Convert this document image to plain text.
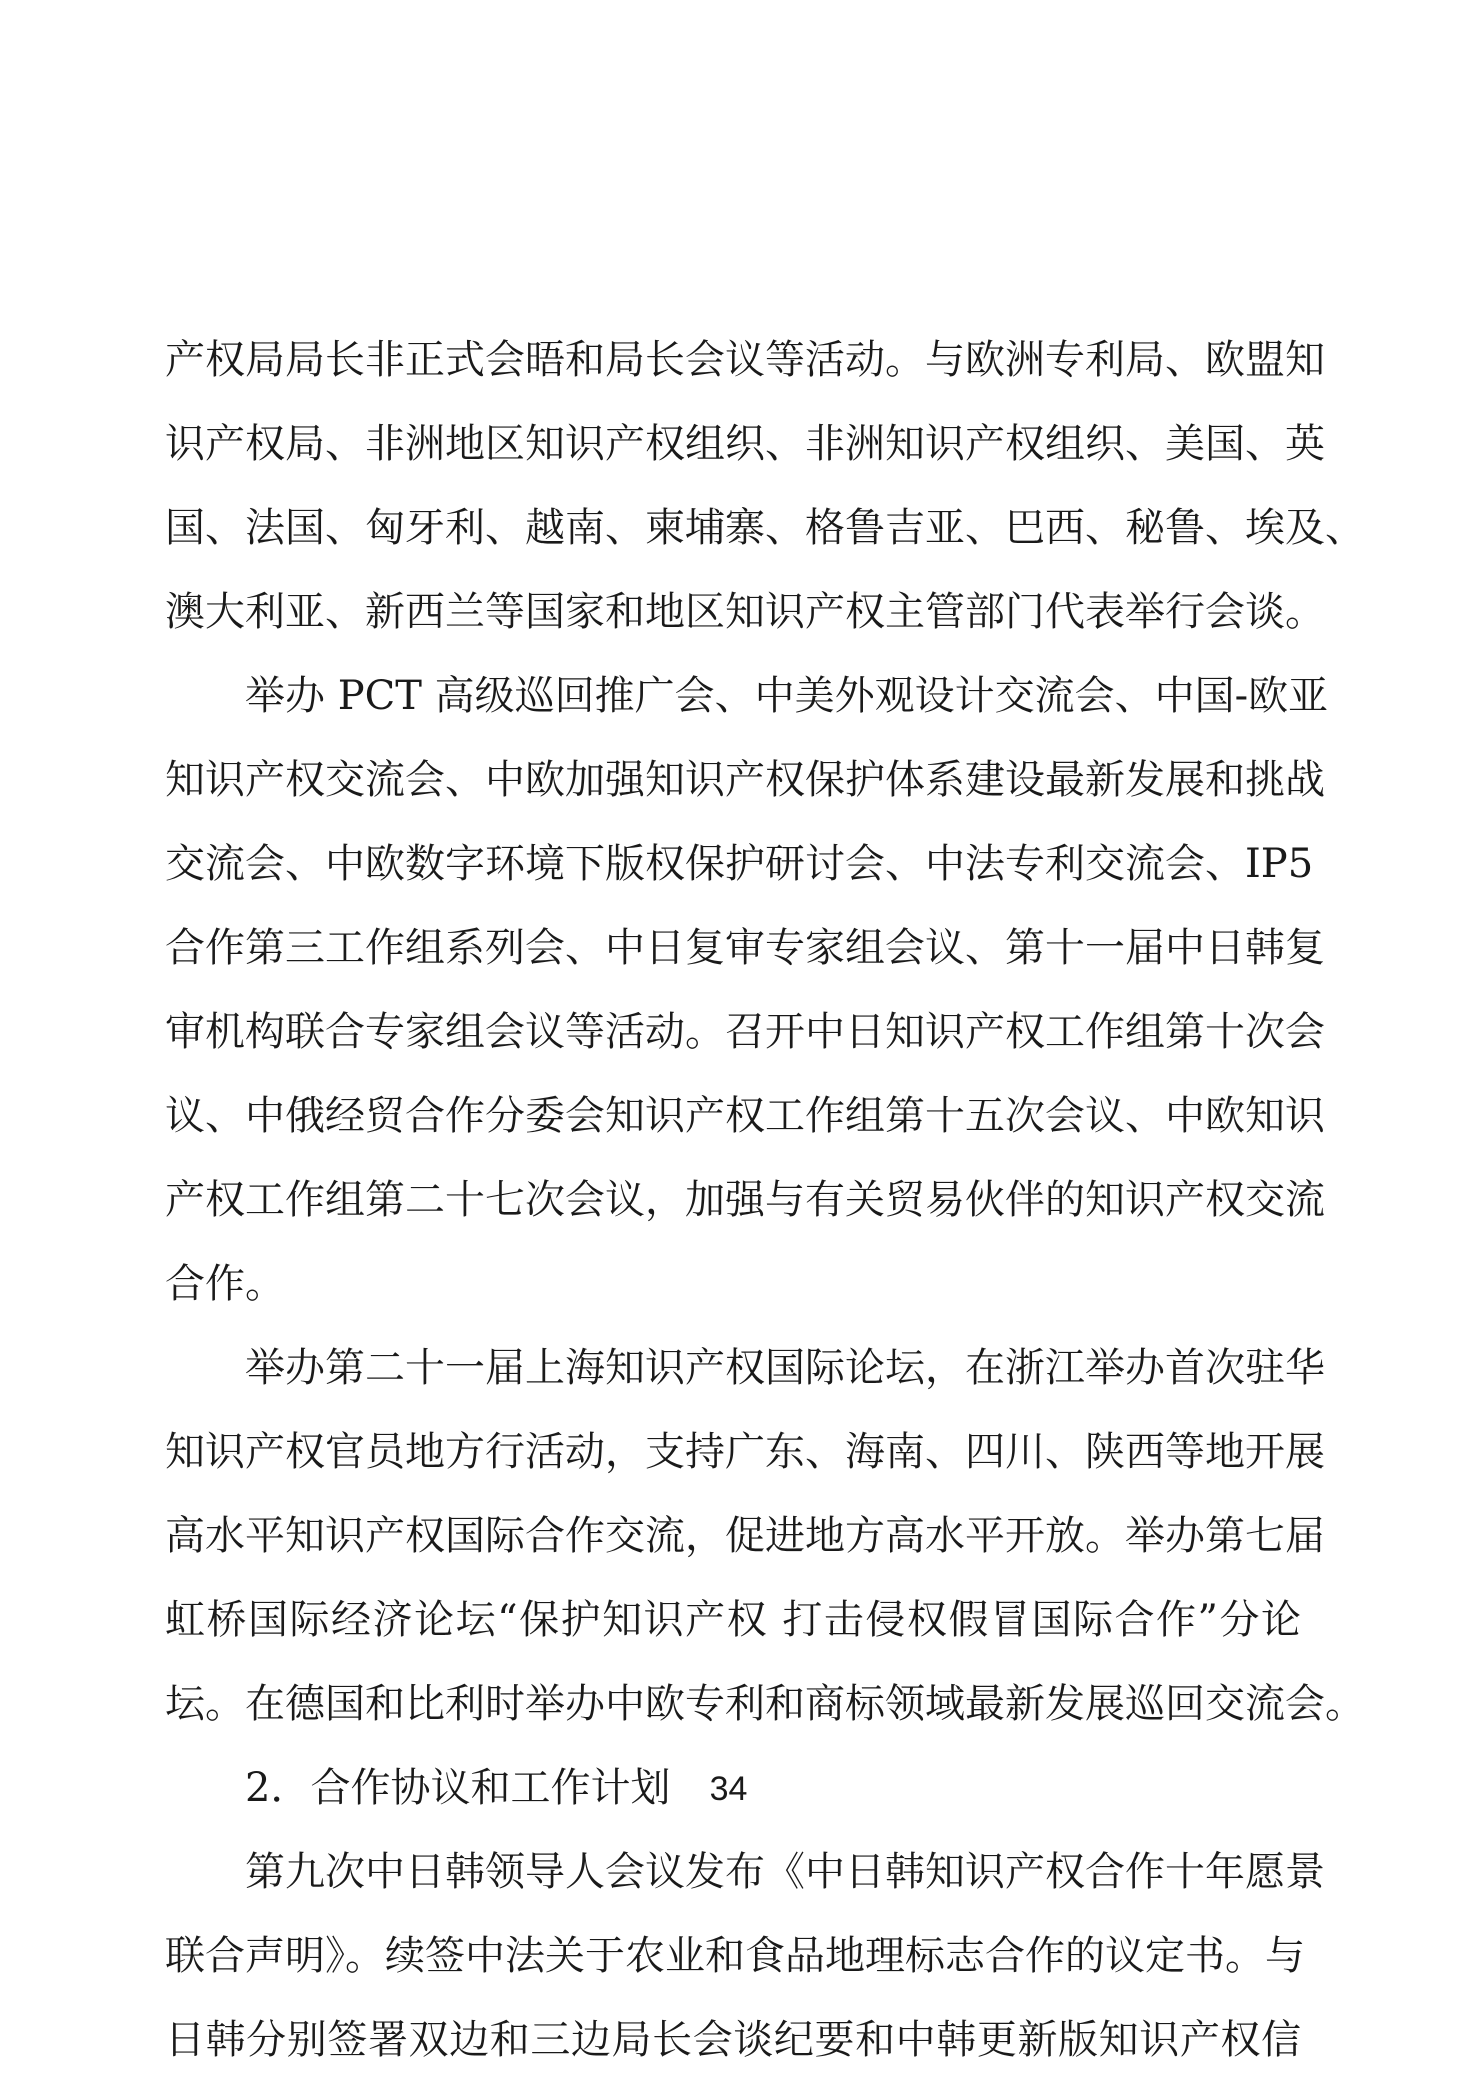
产权局局长非正式会晤和局长会议等活动。与欧洲专利局、欧盟知
识产权局、非洲地区知识产权组织、非洲知识产权组织、美国、英
国、法国、匈牙利、越南、柬埔寨、格鲁吉亚、巴西、秘鲁、埃及、
澳大利亚、新西兰等国家和地区知识产权主管部门代表举行会谈。
举办 PCT 高级巡回推广会、中美外观设计交流会、中国-欧亚
知识产权交流会、中欧加强知识产权保护体系建设最新发展和挑战
交流会、中欧数字环境下版权保护研讨会、中法专利交流会、IP5
合作第三工作组系列会、中日复审专家组会议、第十一届中日韩复
审机构联合专家组会议等活动。召开中日知识产权工作组第十次会
议、中俄经贸合作分委会知识产权工作组第十五次会议、中欧知识
产权工作组第二十七次会议，加强与有关贸易伙伴的知识产权交流
合作。
举办第二十一届上海知识产权国际论坛，在浙江举办首次驻华
知识产权官员地方行活动，支持广东、海南、四川、陕西等地开展
高水平知识产权国际合作交流，促进地方高水平开放。举办第七届
虹桥国际经济论坛“保护知识产权 打击侵权假冒国际合作”分论
坛。在德国和比利时举办中欧专利和商标领域最新发展巡回交流会。
2．合作协议和工作计划
第九次中日韩领导人会议发布《中日韩知识产权合作十年愿景
联合声明》。续签中法关于农业和食品地理标志合作的议定书。与
日韩分别签署双边和三边局长会谈纪要和中韩更新版知识产权信
34
